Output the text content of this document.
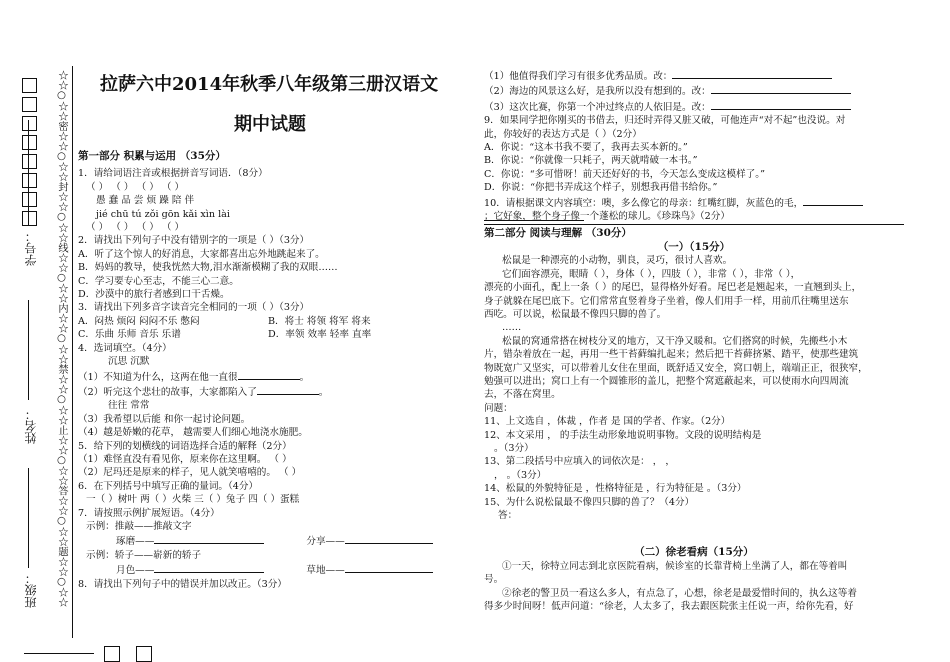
☆☆○☆☆密☆☆○☆☆封☆☆○☆☆线☆☆○☆☆内☆☆○☆☆禁☆☆○☆☆止☆☆○☆☆答☆☆○☆☆题☆☆○☆☆
学号：
姓名：
班级：
拉萨六中2014年秋季八年级第三册汉语文
期中试题

第一部分 积累与运用 （35分）

1．请给词语注音或根据拼音写词语．（8分）

（ ） （ ） （ ） （ ）

愚 蠢 品 尝 烦 躁 陪 伴

jié chū tú zǒi gōn kǎi xìn lài

（ ） （ ） （ ） （ ）

2．请找出下列句子中没有错别字的一项是（ ）（3分）

A．听了这个惊人的好消息，大家都喜出忘外地跳起来了。

B．妈妈的教导，使我恍然大物,泪水渐渐模糊了我的双眼……

C．学习要专心至志，不能三心二意。

D．沙漠中的旅行者感到口干舌燥。

3．请找出下列多音字读音完全相同的一项（ ）（3分）

A．闷热 烦闷 闷闷不乐 憋闷	B．将士 将领 将军 将来

C．乐曲 乐师 音乐 乐谱	D．率领 效率 轻率 直率

4．选词填空。（4分）

沉思 沉默

（1）不知道为什么，这两在他一直很	。

（2）听完这个悲壮的故事，大家都陷入了	。

往往 常常

（3）我希望以后能 和你一起讨论问题。

（4）越是娇嫩的花草， 越需要人们细心地浇水施肥。

5．给下列的划横线的词语选择合适的解释（2分）

（1）难怪直没有看见你，原来你在这里啊。 （ ）

（2）尼玛还是原来的样子，见人就笑嘻嘻的。 （ ）

6．在下列括号中填写正确的量词。（4分）

一（ ）树叶 两（ ）火柴 三（ ）兔子 四（ ）蛋糕

7．请按照示例扩展短语。（4分）

示例：推敲——推敲文字

琢磨——	分享——

示例：轿子——崭新的轿子

月色——	草地——

8．请找出下列句子中的错误并加以改正。（3分）

（1）他值得我们学习有很多优秀品质。改：

（2）海边的风景这么好，是我所以没有想到的。改：

（3）这次比赛，你第一个冲过终点的人依旧是。改：

9．如果同学把你刚买的书借去，归还时弄得又脏又破，可他连声“对不起”也没说。对

此，你较好的表达方式是（ ）（2分）

A．你说：“这本书我不要了，我再去买本新的。”

B．你说：“你就像一只耗子，两天就啃破一本书。”

C．你说：“多可惜呀！前天还好好的书，今天怎么变成这模样了。”

D．你说：“你把书弄成这个样子，别想我再借书给你。”

10．请根据课文内容填空：噢，多么像它的母亲：红嘴红脚，灰蓝色的毛，

；它好象，整个身子像一个蓬松的球儿。《珍珠鸟》（2分）

第二部分 阅读与理解 （30分）

（一）（15分）

松鼠是一种漂亮的小动物，驯良，灵巧，很讨人喜欢。

它们面容漂亮，眼睛（ ），身体（ ），四肢（ ），非常（ ），非常（ ），

漂亮的小面孔，配上一条（ ）的尾巴，显得格外好看。尾巴老是翘起来，一直翘到头上，

身子就躲在尾巴底下。它们常常直竖着身子坐着，像人们用手一样，用前爪往嘴里送东

西吃。可以说，松鼠最不像四只脚的兽了。

……

松鼠的窝通常搭在树枝分叉的地方，又干净又暖和。它们搭窝的时候，先搬些小木

片，错杂着放在一起，再用一些干苔藓编扎起来；然后把干苔藓挤紧、踏平，使那些建筑

物既宽广又坚实，可以带着儿女住在里面，既舒适又安全，窝口朝上，端端正正，很狭窄，

勉强可以进出；窝口上有一个圆锥形的盖儿，把整个窝遮蔽起来，可以使雨水向四周流

去，不落在窝里。

问题：

11、上文选自 ，体裁 ，作者 是 国的学者、作家。（2分）

12、本文采用 ， 的手法生动形象地说明事物。文段的说明结构是

。（3分）

13、第二段括号中应填入的词依次是： ， ，

， 。（3分）

14、松鼠的外貌特征是 ，性格特征是 ，行为特征是 。（3分）

15、为什么说松鼠最不像四只脚的兽了？（4分）

答：

（二）徐老看病（15分）

①一天，徐特立同志到北京医院看病，候诊室的长靠背椅上坐满了人，都在等着叫

号。

②徐老的警卫员一看这么多人，有点急了，心想，徐老是最爱惜时间的，执么这等着

得多少时间呀！低声问道：“徐老，人太多了，我去跟医院张主任说一声，给你先看，好
